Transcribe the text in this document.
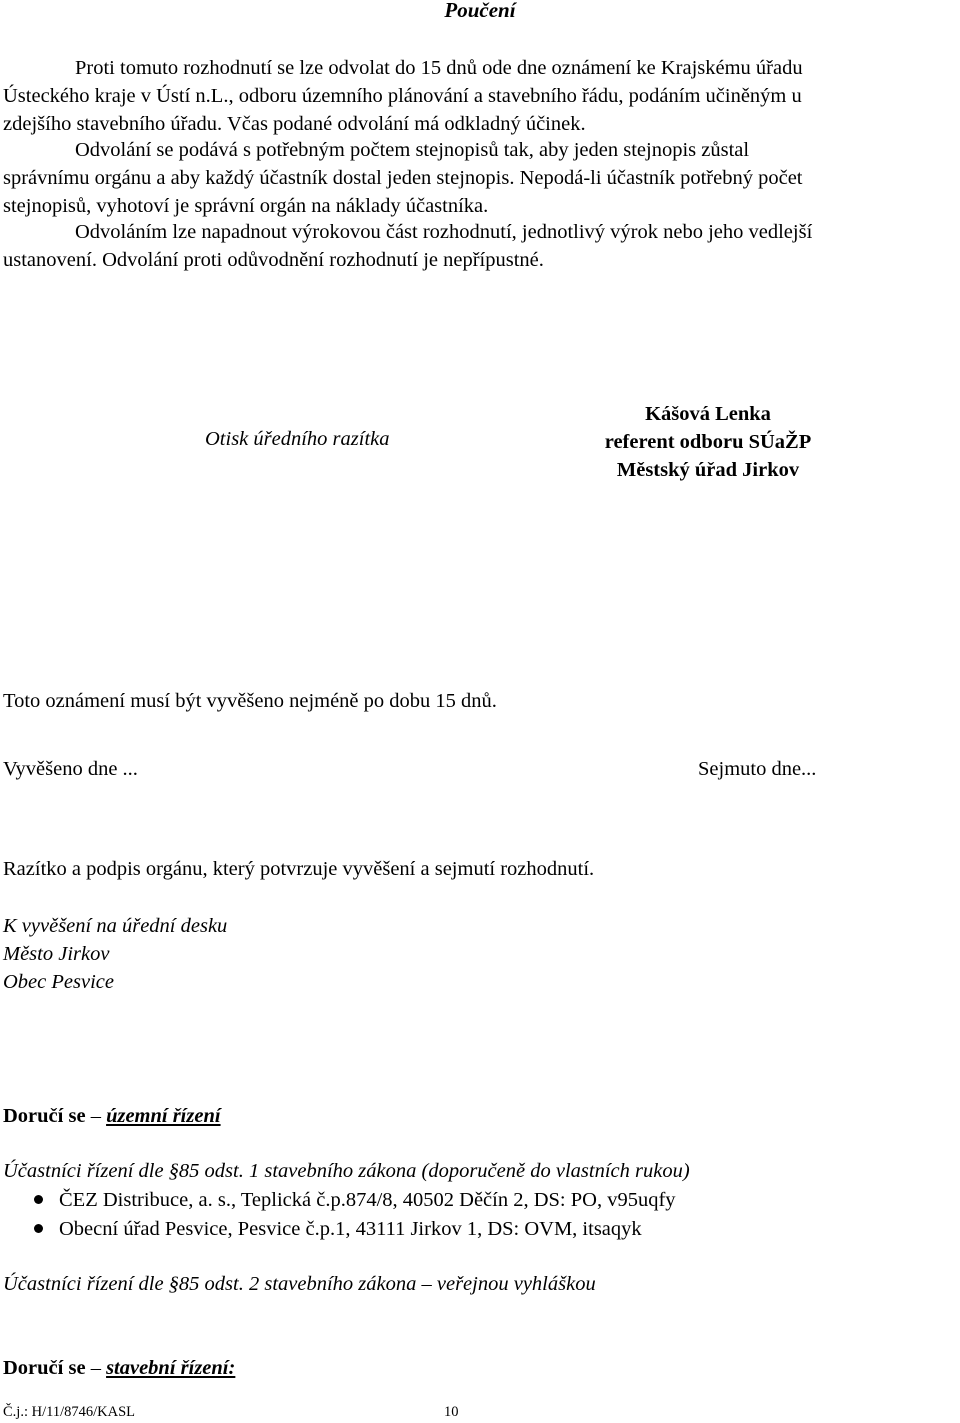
Poučení
Proti tomuto rozhodnutí se lze odvolat do 15 dnů ode dne oznámení ke Krajskému úřadu
Ústeckého kraje v Ústí n.L., odboru územního plánování a stavebního řádu, podáním učiněným u
zdejšího stavebního úřadu. Včas podané odvolání má odkladný účinek.
Odvolání se podává s potřebným počtem stejnopisů tak, aby jeden stejnopis zůstal
správnímu orgánu a aby každý účastník dostal jeden stejnopis. Nepodá-li účastník potřebný počet
stejnopisů, vyhotoví je správní orgán na náklady účastníka.
Odvoláním lze napadnout výrokovou část rozhodnutí, jednotlivý výrok nebo jeho vedlejší
ustanovení. Odvolání proti odůvodnění rozhodnutí je nepřípustné.
Otisk úředního razítka
Kášová Lenka
referent odboru SÚaŽP
Městský úřad Jirkov
Toto oznámení musí být vyvěšeno nejméně po dobu 15 dnů.
Vyvěšeno dne ...	Sejmuto dne...
Razítko a podpis orgánu, který potvrzuje vyvěšení a sejmutí rozhodnutí.
K vyvěšení na úřední desku
Město Jirkov
Obec Pesvice
Doručí se – územní řízení
Účastníci řízení dle §85 odst. 1 stavebního zákona (doporučeně do vlastních rukou)
ČEZ Distribuce, a. s., Teplická č.p.874/8, 40502 Děčín 2, DS: PO, v95uqfy
Obecní úřad Pesvice, Pesvice č.p.1, 43111 Jirkov 1, DS: OVM, itsaqyk
Účastníci řízení dle §85 odst. 2 stavebního zákona – veřejnou vyhláškou
Doručí se – stavební řízení:
Č.j.: H/11/8746/KASL	10
